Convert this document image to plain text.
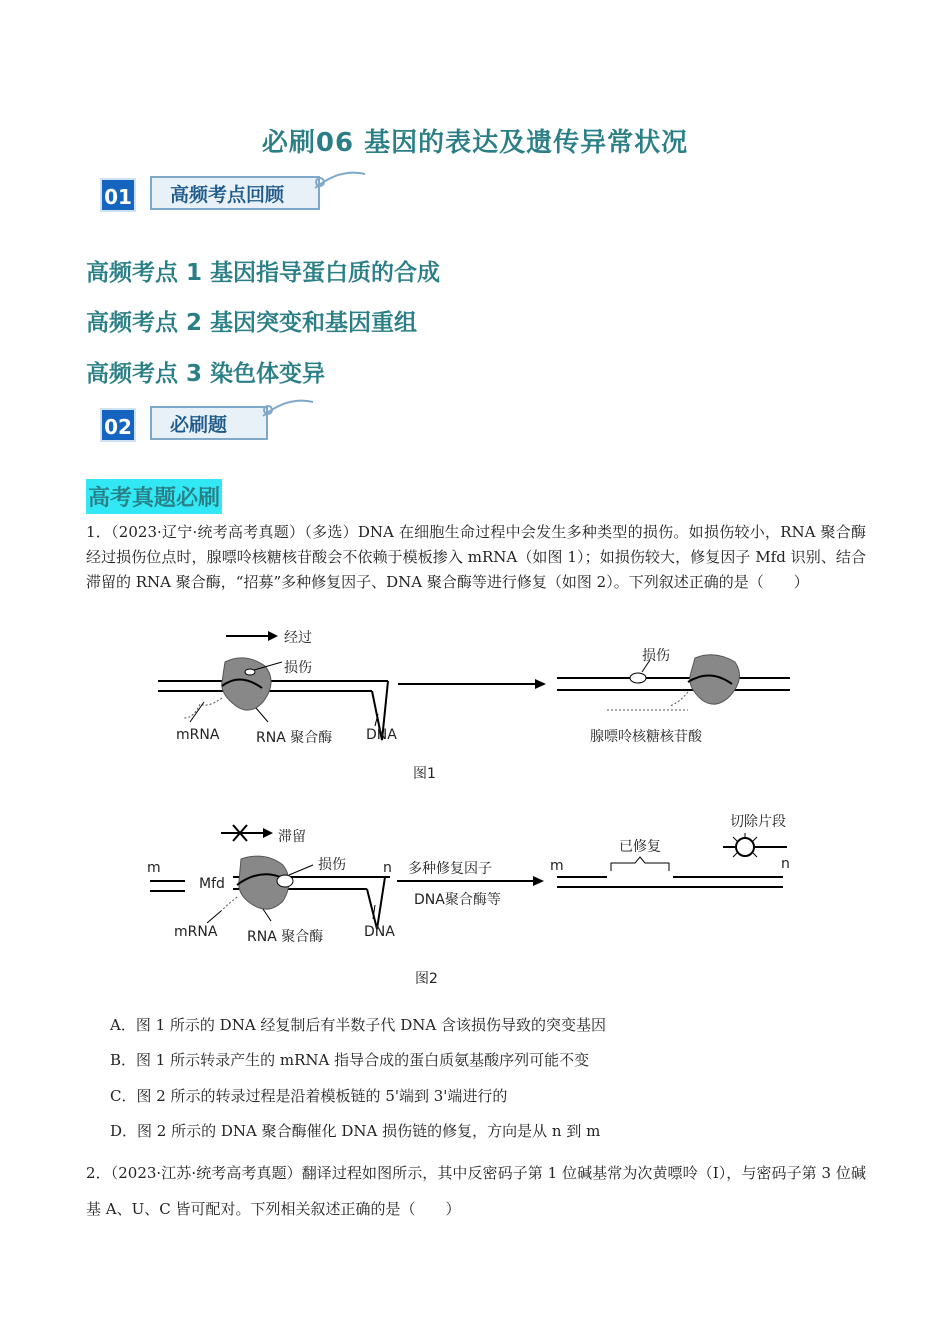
必刷06 基因的表达及遗传异常状况
01	高频考点回顾
高频考点 1 基因指导蛋白质的合成
高频考点 2 基因突变和基因重组
高频考点 3 染色体变异
02	必刷题
高考真题必刷
1．（2023·辽宁·统考高考真题）（多选）DNA 在细胞生命过程中会发生多种类型的损伤。如损伤较小，RNA 聚合酶经过损伤位点时，腺嘌呤核糖核苷酸会不依赖于模板掺入 mRNA（如图 1）；如损伤较大，修复因子 Mfd 识别、结合滞留的 RNA 聚合酶，“招募”多种修复因子、DNA 聚合酶等进行修复（如图 2）。下列叙述正确的是（　　）
经过
损伤
mRNA	RNA 聚合酶 DNA
损伤
腺嘌呤核糖核苷酸
图1
滞留
损伤
m	n
Mfd
多种修复因子
DNA聚合酶等
已修复
切除片段
m	n
mRNA RNA 聚合酶	DNA
图2
A．图 1 所示的 DNA 经复制后有半数子代 DNA 含该损伤导致的突变基因
B．图 1 所示转录产生的 mRNA 指导合成的蛋白质氨基酸序列可能不变
C．图 2 所示的转录过程是沿着模板链的 5'端到 3'端进行的
D．图 2 所示的 DNA 聚合酶催化 DNA 损伤链的修复，方向是从 n 到 m
2．（2023·江苏·统考高考真题）翻译过程如图所示，其中反密码子第 1 位碱基常为次黄嘌呤（I），与密码子第 3 位碱基 A、U、C 皆可配对。下列相关叙述正确的是（　　）
